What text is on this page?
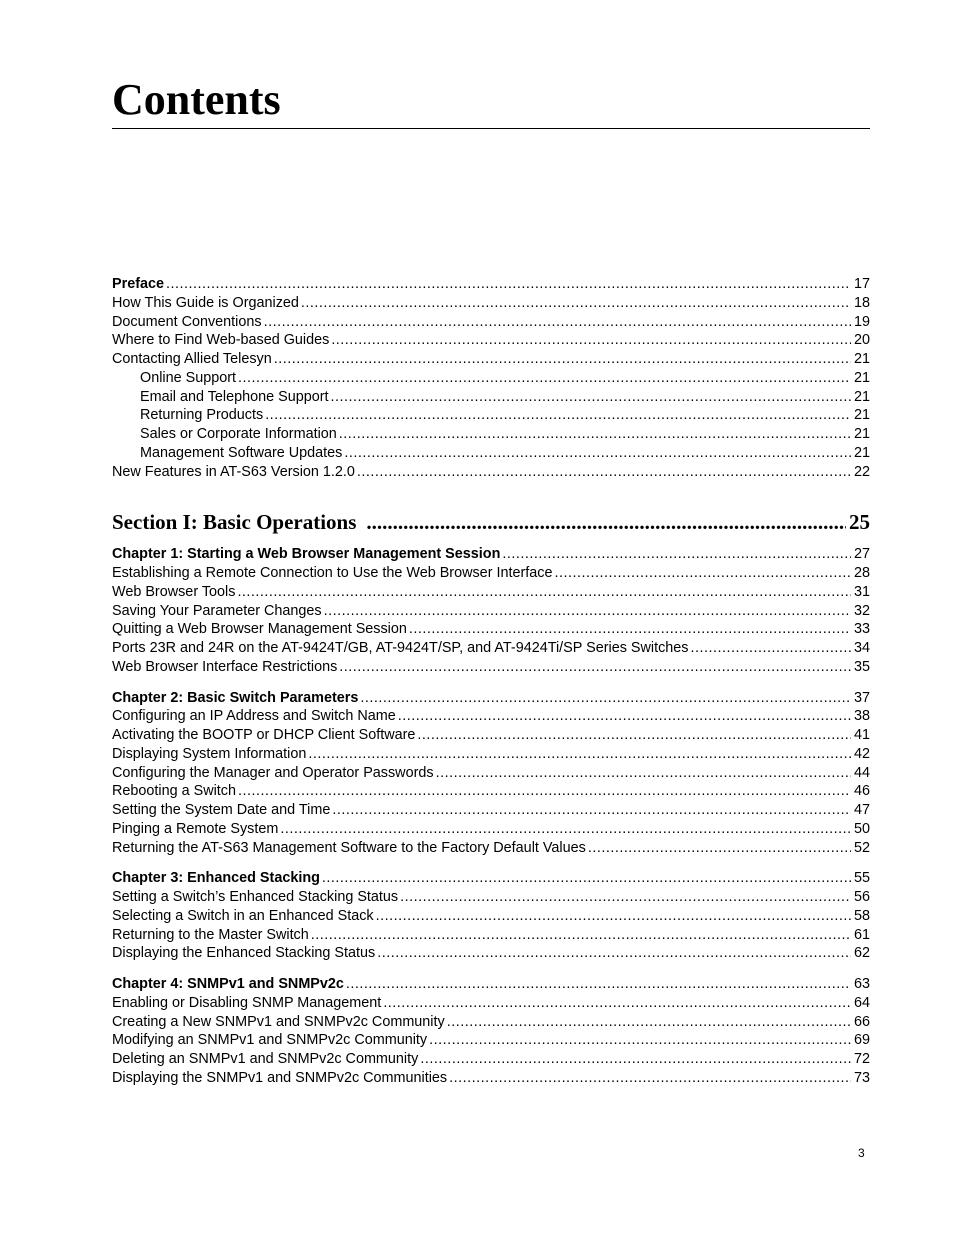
Contents
Preface .....	17
How This Guide is Organized .....	18
Document Conventions .....	19
Where to Find Web-based Guides .....	20
Contacting Allied Telesyn .....	21
Online Support .....	21
Email and Telephone Support .....	21
Returning Products .....	21
Sales or Corporate Information .....	21
Management Software Updates .....	21
New Features in AT-S63 Version 1.2.0 .....	22
Section I: Basic Operations .....	25
Chapter 1: Starting a Web Browser Management Session .....	27
Establishing a Remote Connection to Use the Web Browser Interface .....	28
Web Browser Tools .....	31
Saving Your Parameter Changes .....	32
Quitting a Web Browser Management Session .....	33
Ports 23R and 24R on the AT-9424T/GB, AT-9424T/SP, and AT-9424Ti/SP Series Switches .....	34
Web Browser Interface Restrictions .....	35
Chapter 2: Basic Switch Parameters .....	37
Configuring an IP Address and Switch Name .....	38
Activating the BOOTP or DHCP Client Software .....	41
Displaying System Information .....	42
Configuring the Manager and Operator Passwords .....	44
Rebooting a Switch .....	46
Setting the System Date and Time .....	47
Pinging a Remote System .....	50
Returning the AT-S63 Management Software to the Factory Default Values .....	52
Chapter 3: Enhanced Stacking .....	55
Setting a Switch’s Enhanced Stacking Status .....	56
Selecting a Switch in an Enhanced Stack .....	58
Returning to the Master Switch .....	61
Displaying the Enhanced Stacking Status .....	62
Chapter 4: SNMPv1 and SNMPv2c .....	63
Enabling or Disabling SNMP Management .....	64
Creating a New SNMPv1 and SNMPv2c Community .....	66
Modifying an SNMPv1 and SNMPv2c Community .....	69
Deleting an SNMPv1 and SNMPv2c Community .....	72
Displaying the SNMPv1 and SNMPv2c Communities .....	73
3
